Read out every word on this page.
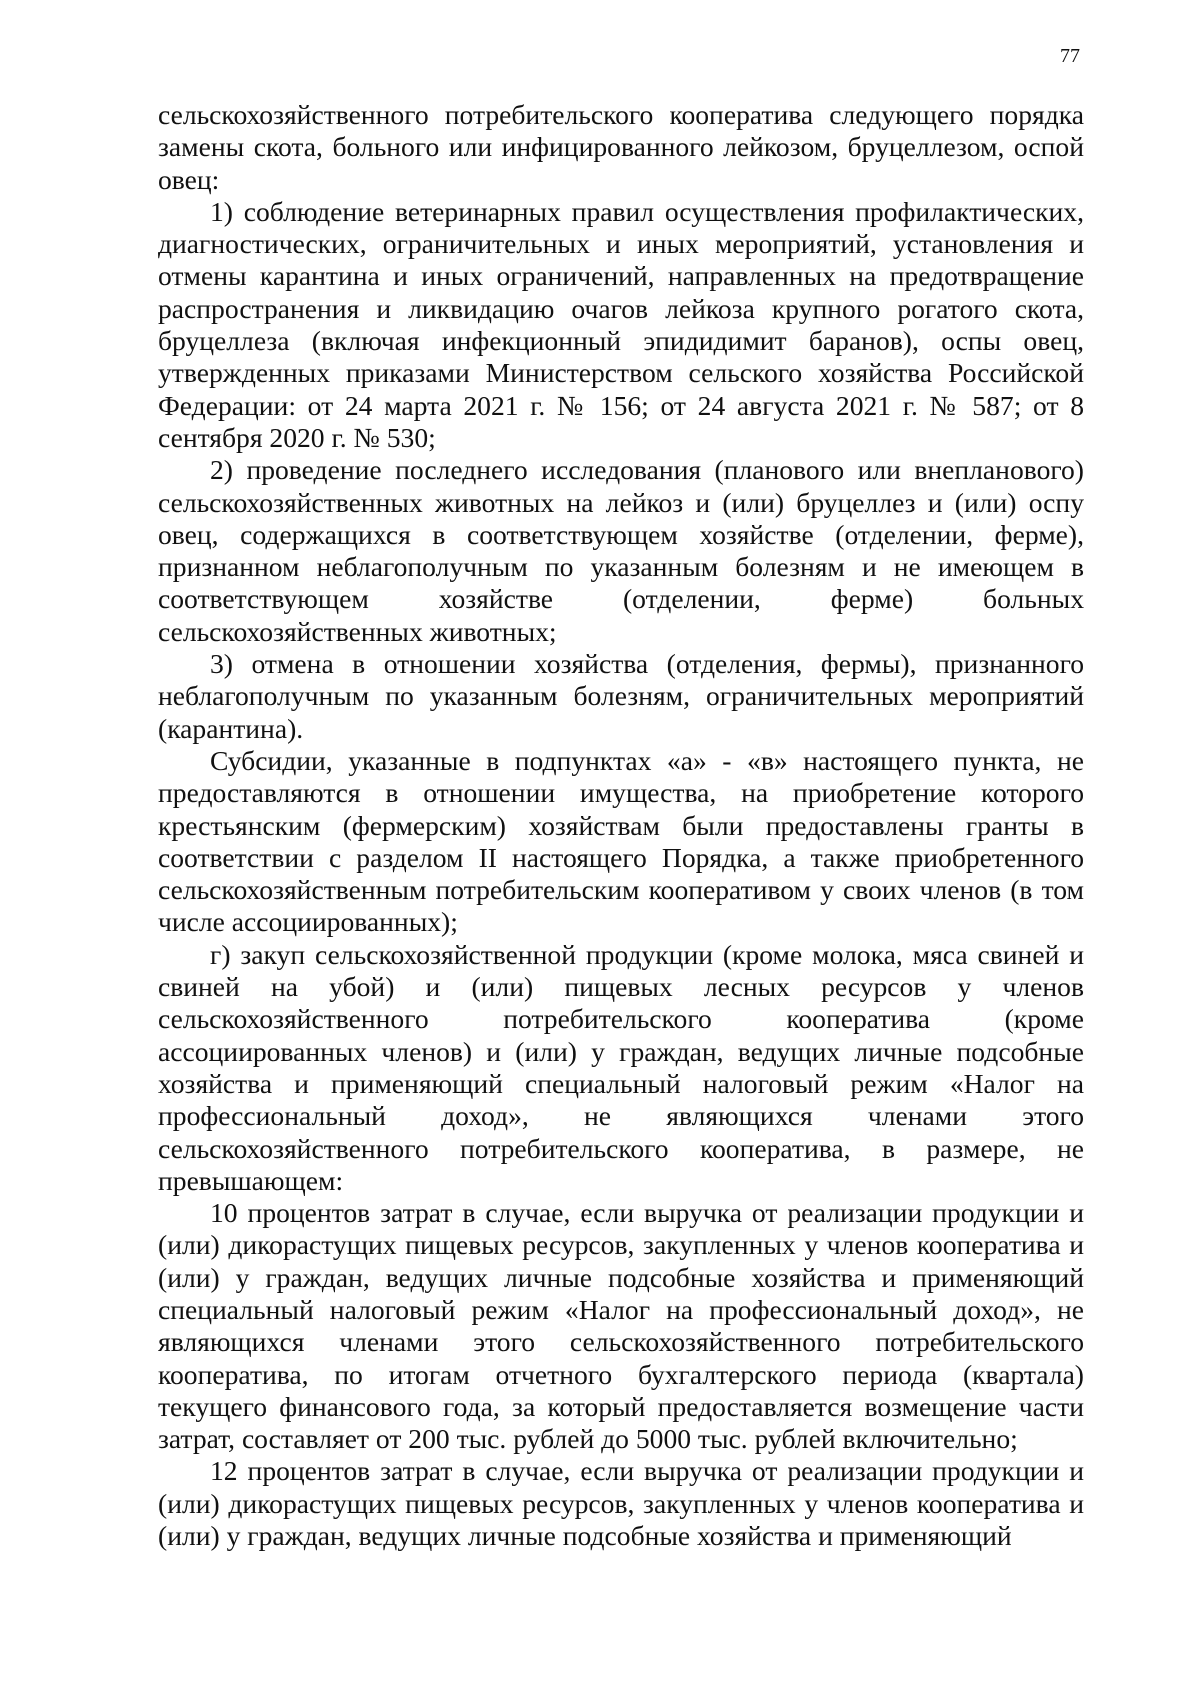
77

сельскохозяйственного потребительского кооператива следующего порядка замены скота, больного или инфицированного лейкозом, бруцеллезом, оспой овец:

1) соблюдение ветеринарных правил осуществления профилактических, диагностических, ограничительных и иных мероприятий, установления и отмены карантина и иных ограничений, направленных на предотвращение распространения и ликвидацию очагов лейкоза крупного рогатого скота, бруцеллеза (включая инфекционный эпидидимит баранов), оспы овец, утвержденных приказами Министерством сельского хозяйства Российской Федерации: от 24 марта 2021 г. № 156; от 24 августа 2021 г. № 587; от 8 сентября 2020 г. № 530;

2) проведение последнего исследования (планового или внепланового) сельскохозяйственных животных на лейкоз и (или) бруцеллез и (или) оспу овец, содержащихся в соответствующем хозяйстве (отделении, ферме), признанном неблагополучным по указанным болезням и не имеющем в соответствующем хозяйстве (отделении, ферме) больных сельскохозяйственных животных;

3) отмена в отношении хозяйства (отделения, фермы), признанного неблагополучным по указанным болезням, ограничительных мероприятий (карантина).

Субсидии, указанные в подпунктах «а» - «в» настоящего пункта, не предоставляются в отношении имущества, на приобретение которого крестьянским (фермерским) хозяйствам были предоставлены гранты в соответствии с разделом II настоящего Порядка, а также приобретенного сельскохозяйственным потребительским кооперативом у своих членов (в том числе ассоциированных);

г) закуп сельскохозяйственной продукции (кроме молока, мяса свиней и свиней на убой) и (или) пищевых лесных ресурсов у членов сельскохозяйственного потребительского кооператива (кроме ассоциированных членов) и (или) у граждан, ведущих личные подсобные хозяйства и применяющий специальный налоговый режим «Налог на профессиональный доход», не являющихся членами этого сельскохозяйственного потребительского кооператива, в размере, не превышающем:

10 процентов затрат в случае, если выручка от реализации продукции и (или) дикорастущих пищевых ресурсов, закупленных у членов кооператива и (или) у граждан, ведущих личные подсобные хозяйства и применяющий специальный налоговый режим «Налог на профессиональный доход», не являющихся членами этого сельскохозяйственного потребительского кооператива, по итогам отчетного бухгалтерского периода (квартала) текущего финансового года, за который предоставляется возмещение части затрат, составляет от 200 тыс. рублей до 5000 тыс. рублей включительно;

12 процентов затрат в случае, если выручка от реализации продукции и (или) дикорастущих пищевых ресурсов, закупленных у членов кооператива и (или) у граждан, ведущих личные подсобные хозяйства и применяющий
